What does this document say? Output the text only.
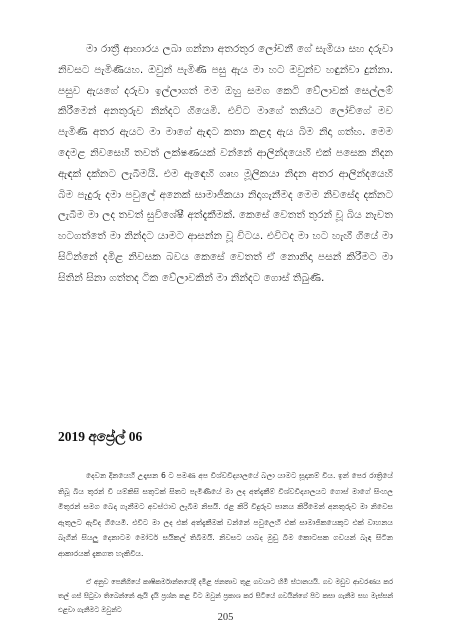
මා රාත්‍රී ආහාරය ලබා ගන්නා අතරතුර ලෝචනී ගේ සැමියා සහ දරුවා නිවසට පැමිණියහ. ඔවුන් පැමිණි පසු ඇය මා හට ඔවුන්ව හඳුන්වා දුන්නා. පසුව ඇයගේ දරුවා ඉල්ලාගත් මම ඔහු සමග කෙටි වේලාවක් සෙල්ලම් කිරීමෙන් අනතුරුව නින්දට ගියෙමි. එවිට මාගේ තනියට ලෝචිගේ මව පැමිණි අතර ඇයට මා මාගේ ඇඳට කතා කළද ඇය බිම නිදා ගත්හ. මෙම දෙමළ නිවසෙහි තවත් ලක්ෂණයක් වන්නේ ආලින්දයෙහි එක් පසෙක නිදන ඇඳක් දක්නට ලැබීමයි. එම ඇඳෙහි ගෘහ මූලිකයා නිදන අතර ආලින්දයෙහි බිම පැදුරු දමා පවුලේ අනෙක් සාමාජිකයා නිදාගැනීමද මෙම නිවසේද දක්නට ලැබීම මා ලද තවත් සුවිශේෂී අත්දැකීමක්. කෙසේ වෙතත් තුරන් වූ බිය නැවත හටගත්තේ මා නින්දට යාමට ආසන්න වූ විටය. එවිටද මා හට හැඟී ගියේ මා සිටින්නේ දමිළ නිවසක බවය කෙසේ වෙතත් ඒ නොනිදා පසන් කිරීමට මා සිතින් සිනා ගත්තද ටික වේලාවකින් මා නින්දට ගොස් තිබුණි.

2019 අප්‍රේල් 06

දෙවන දිනයෙහි උදෑසන 6 ට පමණ අප විශ්වවිද්‍යාලයේ බලා යාමට සූදානම් විය. ඉන් පෙර රාත්‍රියේ තිබූ බිය තුරන් වී යම්කිසි සතුටක් සිතට පැමිණියේ මා ලද අත්දැකීම් විශ්වවිද්‍යාලයට ගොස් මාගේ සිංහල මිතුරන් සමග බෙදා ගැනීමට අවස්ථාව ලැබීම නිසයි. රළ කිරි විදුරුව පානය කිරීමෙන් අනතුරුව මා නිවෙස ඇතුලට ඇවිද ගියෙමි. එවිට මා ලද එක් අත්දැකීමක් වන්නේ පවුලෙහි එක් සාමාජිකයෙකුට එක් වාහනය බැගින් සියලු දෙනාටම මෝටර් සයිකල් තිබීමයි. නිවසට යාබද මුඩු බිම කොටසක ගවයන් බැඳ සිටින ආකාරයක් දැකගත හැකිවිය.

ඒ අනුව පෙනීගියේ කෘෂිකර්මාන්තයේදී දමිළ ජනතාව තුළ ගවයාට හිමි ස්ථානයයි. ගව මඩුව ආවරණය කර තල් ගස් සිටුවා තිබෙන්නේ ඇයි දැයි ප්‍රශ්න කළ විට ඔවුන් ප්‍රකාශ කර සිටියේ ගවයින්ගේ පිට කසා ගැනීම සහ මැස්සන් එළවා ගැනීමට ඔවුන්ට

205
